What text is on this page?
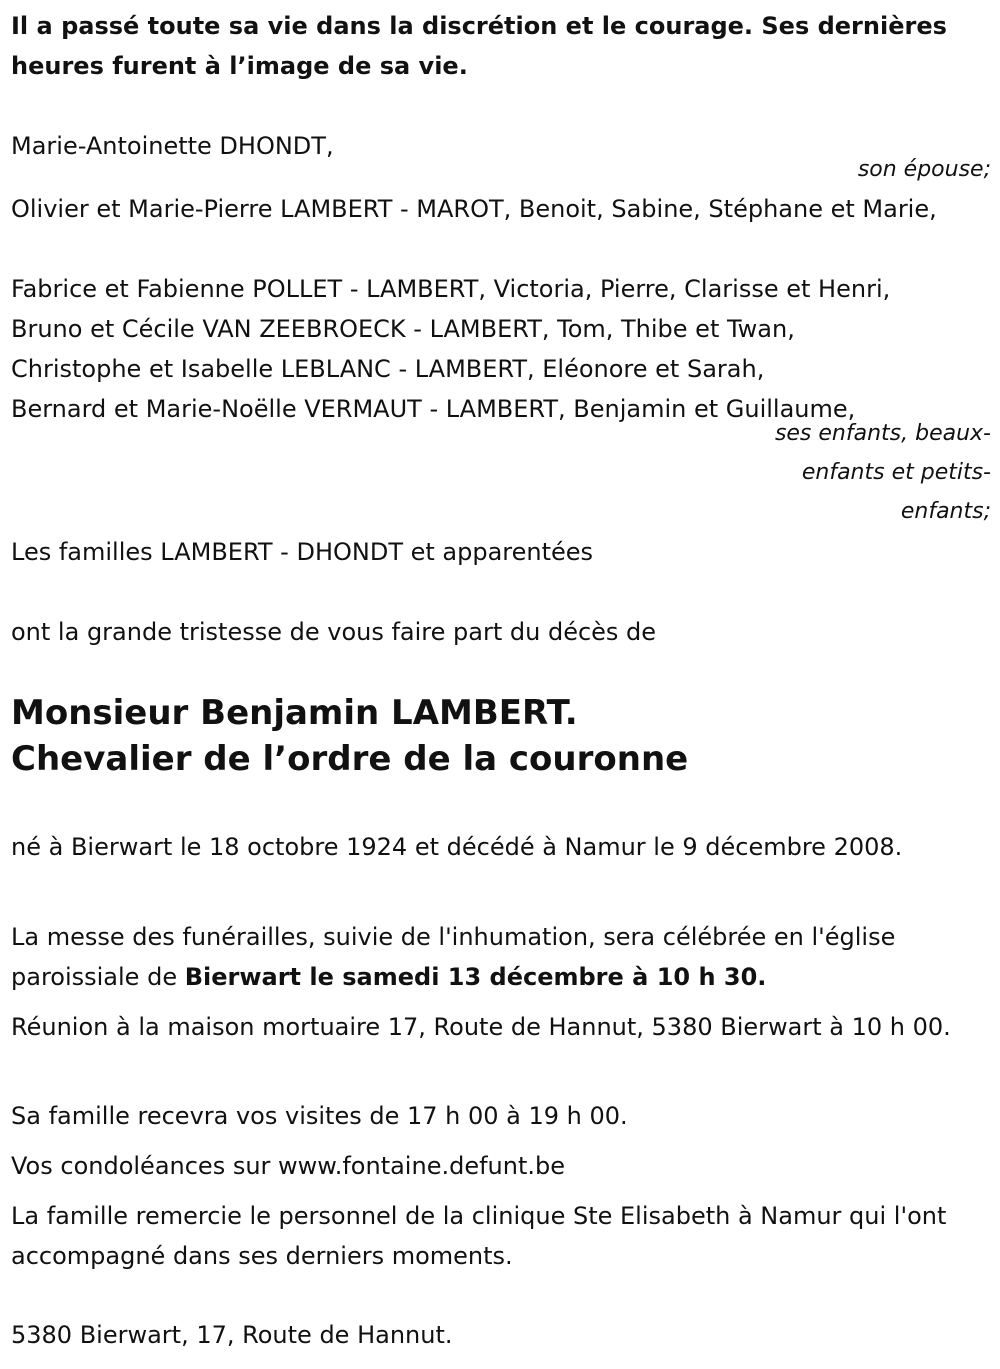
Il a passé toute sa vie dans la discrétion et le courage. Ses dernières heures furent à l’image de sa vie.

Marie-Antoinette DHONDT,

son épouse;

Olivier et Marie-Pierre LAMBERT - MAROT, Benoit, Sabine, Stéphane et Marie,

Fabrice et Fabienne POLLET - LAMBERT, Victoria, Pierre, Clarisse et Henri,

Bruno et Cécile VAN ZEEBROECK - LAMBERT, Tom, Thibe et Twan,

Christophe et Isabelle LEBLANC - LAMBERT, Eléonore et Sarah,

Bernard et Marie-Noëlle VERMAUT - LAMBERT, Benjamin et Guillaume,

ses enfants, beaux-

enfants et petits-

enfants;

Les familles LAMBERT - DHONDT et apparentées

ont la grande tristesse de vous faire part du décès de

Monsieur Benjamin LAMBERT.
Chevalier de l’ordre de la couronne

né à Bierwart le 18 octobre 1924 et décédé à Namur le 9 décembre 2008.

La messe des funérailles, suivie de l'inhumation, sera célébrée en l'église paroissiale de Bierwart le samedi 13 décembre à 10 h 30.

Réunion à la maison mortuaire 17, Route de Hannut, 5380 Bierwart à 10 h 00.

Sa famille recevra vos visites de 17 h 00 à 19 h 00.

Vos condoléances sur www.fontaine.defunt.be

La famille remercie le personnel de la clinique Ste Elisabeth à Namur qui l'ont accompagné dans ses derniers moments.

5380 Bierwart, 17, Route de Hannut.
